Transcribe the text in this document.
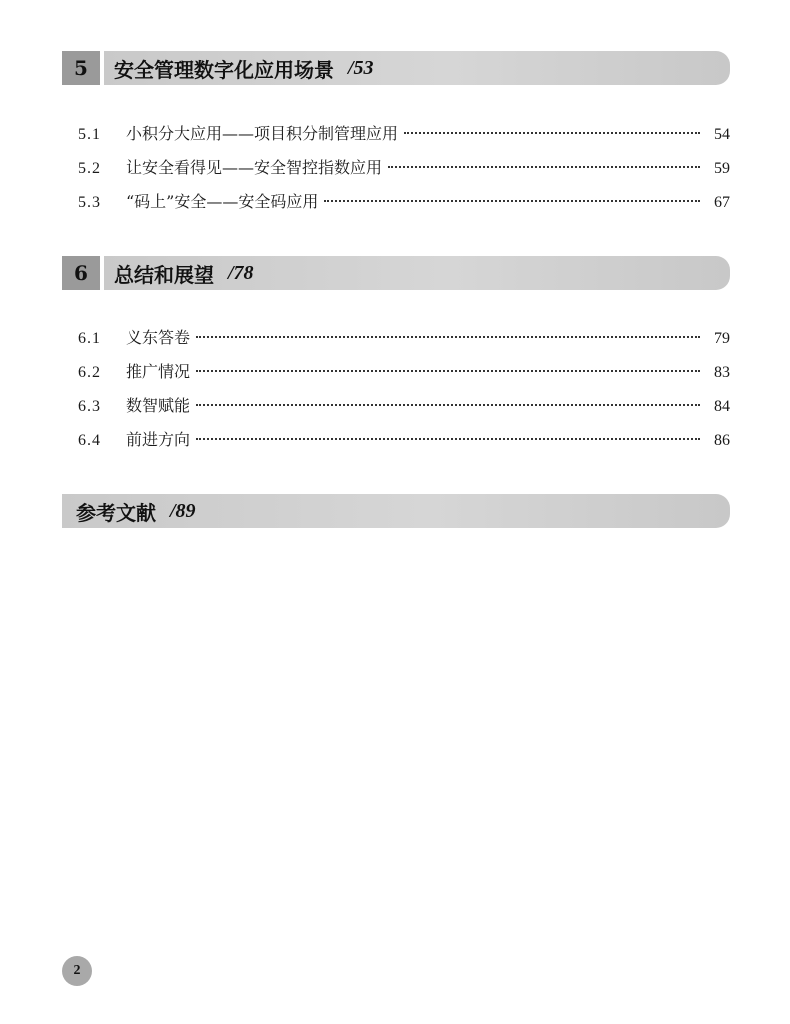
5	安全管理数字化应用场景 /53
5.1	小积分大应用——项目积分制管理应用	54
5.2	让安全看得见——安全智控指数应用	59
5.3	“码上”安全——安全码应用	67
6	总结和展望 /78
6.1	义东答卷	79
6.2	推广情况	83
6.3	数智赋能	84
6.4	前进方向	86
参考文献 /89
2
